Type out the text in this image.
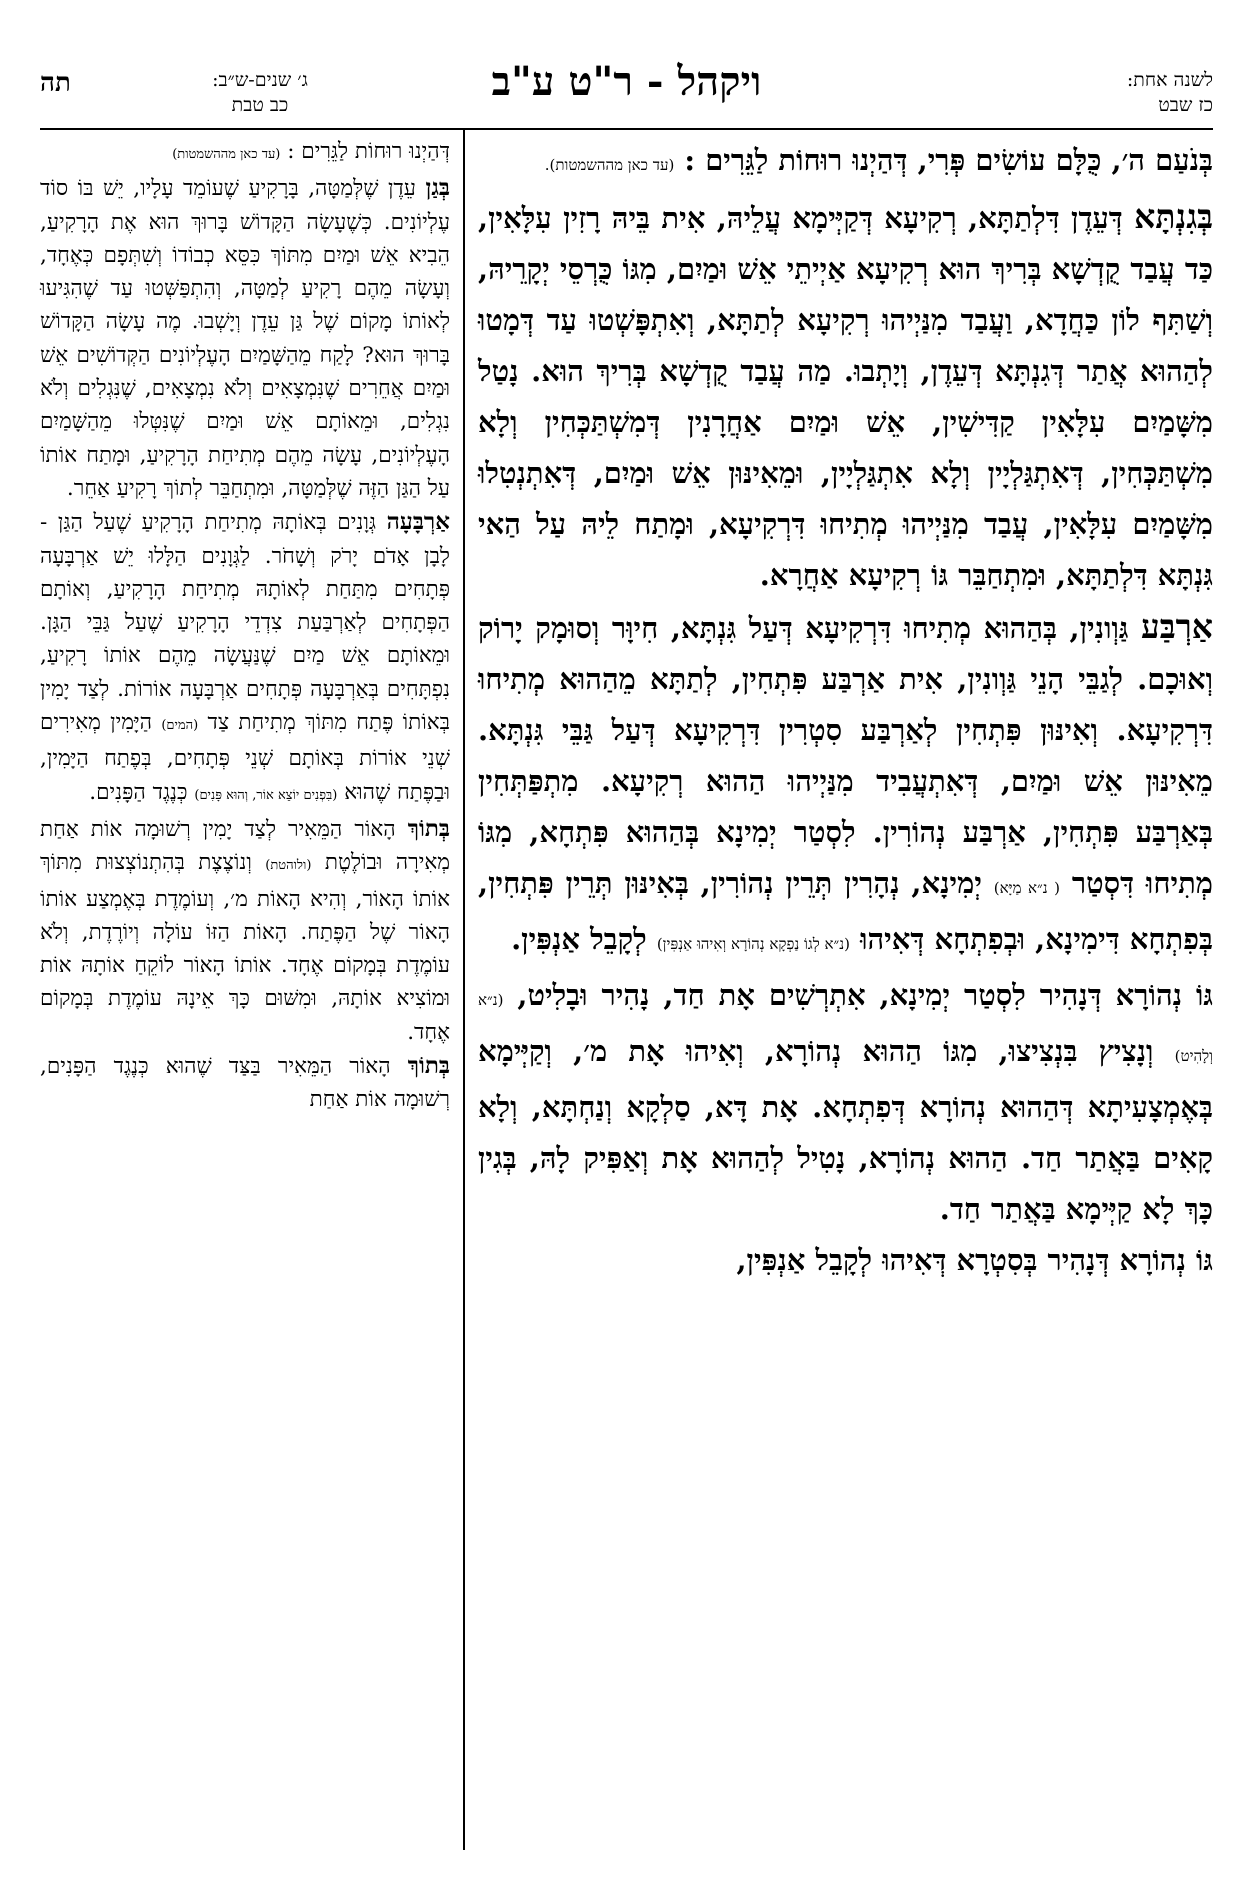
לשנה אחת:
כז שבט
ויקהל - ר"ט ע"ב
ג׳ שנים-ש״ב:
כב טבת
תה

בְּנֹעַם ה׳, כֻּלָּם עוֹשִׂים פְּרִי, דְּהַיְנוּ רוּחוֹת לַגֵּרִים : (עד כאן מההשמטות).

בְּגִנְתָּא דְּעֵדֶן דִּלְתַתָּא, רְקִיעָא דְּקַיְּימָא עֲלֵיהּ, אִית בֵּיהּ רָזִין עִלָּאִין, כַּד עֲבַד קֻדְשָׁא בְּרִיךְ הוּא רְקִיעָא אַיְיתֵי אֵשׁ וּמַיִם, מִגּוֹ כֻּרְסֵי יְקָרֵיהּ, וְשַׁתִּף לוֹן כַּחֲדָא, וַעֲבַד מִנַּיְיהוּ רְקִיעָא לְתַתָּא, וְאִתְפָּשְׁטוּ עַד דְּמָטוּ לְהַהוּא אֲתַר דְּגִנְתָּא דְּעֵדֶן, וְיָתְבוּ. מַה עֲבַד קֻדְשָׁא בְּרִיךְ הוּא. נָטַל מִשָּׁמַיִם עִלָּאִין קַדִּישִׁין, אֵשׁ וּמַיִם אַחֲרָנִין דְּמִשְׁתַּכְּחִין וְלָא מִשְׁתַּכְּחִין, דְּאִתְגַּלְיָין וְלָא אִתְגַּלְיָין, וּמֵאִינּוּן אֵשׁ וּמַיִם, דְּאִתְנְטִלוּ מִשָּׁמַיִם עִלָּאִין, עֲבַד מִנַּיְיהוּ מְתִיחוּ דִּרְקִיעָא, וּמָתַח לֵיהּ עַל הַאי גִּנְתָּא דִּלְתַתָּא, וּמִתְחַבֵּר גּוֹ רְקִיעָא אַחֲרָא.

אַרְבַּע גַּוְונִין, בְּהַהוּא מְתִיחוּ דִּרְקִיעָא דְּעַל גִּנְתָּא, חִיוָּר וְסוּמָק יָרוֹק וְאוּכָם. לְגַבֵּי הָנֵי גַּוְונִין, אִית אַרְבַּע פִּתְחִין, לְתַתָּא מֵהַהוּא מְתִיחוּ דִּרְקִיעָא. וְאִינּוּן פִּתְחִין לְאַרְבַּע סִטְרִין דִּרְקִיעָא דְּעַל גַּבֵּי גִּנְתָּא. מֵאִינּוּן אֵשׁ וּמַיִם, דְּאִתְעֲבִיד מִנַּיְיהוּ הַהוּא רְקִיעָא. מִתְפַּתְּחִין בְּאַרְבַּע פִּתְחִין, אַרְבַּע נְהוֹרִין. לִסְטַר יְמִינָא בְּהַהוּא פִּתְחָא, מִגּוֹ מְתִיחוּ דִּסְטַר ( נ״א מַיָּא) יְמִינָא, נְהָרִין תְּרֵין נְהוֹרִין, בְּאִינּוּן תְּרֵין פִּתְחִין, בְּפִתְחָא דִּימִינָא, וּבְפִתְחָא דְּאִיהוּ (נ״א לְגוֹ נַפְקָא נְהוֹרָא וְאִיהוּ אַנְפִּין) לְקָבֵל אַנְפִּין.

גּוֹ נְהוֹרָא דְּנָהִיר לִסְטַר יְמִינָא, אִתְרְשִׁים אָת חַד, נָהִיר וּבָלִיט, (נ״א וְלָהִיט) וְנָצִיץ בִּנְצִיצוּ, מִגּוֹ הַהוּא נְהוֹרָא, וְאִיהוּ אָת מ׳, וְקַיְּימָא בְּאֶמְצָעִיתָא דְּהַהוּא נְהוֹרָא דְּפִתְחָא. אָת דָּא, סַלְקָא וְנַחְתָּא, וְלָא קָאִים בַּאֲתַר חַד. הַהוּא נְהוֹרָא, נָטִיל לְהַהוּא אָת וְאַפִּיק לָהּ, בְּגִין כָּךְ לָא קַיְּימָא בַּאֲתַר חַד.

גּוֹ נְהוֹרָא דְּנָהִיר בְּסִטְרָא דְּאִיהוּ לְקָבֵל אַנְפִּין,

דְּהַיְנוּ רוּחוֹת לַגֵּרִים : (עד כאן מההשמטות)

בְּגַן עֵדֶן שֶׁלְּמַטָּה, בָּרָקִיעַ שֶׁעוֹמֵד עָלָיו, יֵשׁ בּוֹ סוֹד עֶלְיוֹנִים. כְּשֶׁעָשָׂה הַקָּדוֹשׁ בָּרוּךְ הוּא אֶת הָרָקִיעַ, הֵבִיא אֵשׁ וּמַיִם מִתּוֹךְ כִּסֵּא כְבוֹדוֹ וְשִׁתְּפָם כְּאֶחָד, וְעָשָׂה מֵהֶם רָקִיעַ לְמַטָּה, וְהִתְפַּשְּׁטוּ עַד שֶׁהִגִּיעוּ לְאוֹתוֹ מָקוֹם שֶׁל גַּן עֵדֶן וְיָשְׁבוּ. מֶה עָשָׂה הַקָּדוֹשׁ בָּרוּךְ הוּא? לָקַח מֵהַשָּׁמַיִם הָעֶלְיוֹנִים הַקְּדוֹשִׁים אֵשׁ וּמַיִם אֲחֵרִים שֶׁנִּמְצָאִים וְלֹא נִמְצָאִים, שֶׁנִּגְלִים וְלֹא נִגְלִים, וּמֵאוֹתָם אֵשׁ וּמַיִם שֶׁנִּטְּלוּ מֵהַשָּׁמַיִם הָעֶלְיוֹנִים, עָשָׂה מֵהֶם מְתִיחַת הָרָקִיעַ, וּמָתַח אוֹתוֹ עַל הַגַּן הַזֶּה שֶׁלְּמַטָּה, וּמִתְחַבֵּר לְתוֹךְ רָקִיעַ אַחֵר.

אַרְבָּעָה גְּוָנִים בְּאוֹתָהּ מְתִיחַת הָרָקִיעַ שֶׁעַל הַגַּן - לָבָן אָדֹם יָרֹק וְשָׁחֹר. לַגְּוָנִים הַלָּלוּ יֵשׁ אַרְבָּעָה פְּתָחִים מִתַּחַת לְאוֹתָהּ מְתִיחַת הָרָקִיעַ, וְאוֹתָם הַפְּתָחִים לְאַרְבַּעַת צִדְדֵי הָרָקִיעַ שֶׁעַל גַּבֵּי הַגָּן. וּמֵאוֹתָם אֵשׁ מַיִם שֶׁנַּעֲשָׂה מֵהֶם אוֹתוֹ רָקִיעַ, נִפְתָּחִים בְּאַרְבָּעָה פְּתָחִים אַרְבָּעָה אוֹרוֹת. לְצַד יָמִין בְּאוֹתוֹ פֶּתַח מִתּוֹךְ מְתִיחַת צַד (המים) הַיָּמִין מְאִירִים שְׁנֵי אוֹרוֹת בְּאוֹתָם שְׁנֵי פְּתָחִים, בְּפֶתַח הַיָּמִין, וּבַפֶּתַח שֶׁהוּא (בִּפְנִים יוֹצֵא אוֹר, וְהוּא פָּנִים) כְּנֶגֶד הַפָּנִים.

בְּתוֹךְ הָאוֹר הַמֵּאִיר לְצַד יָמִין רְשׁוּמָה אוֹת אַחַת מְאִירָה וּבוֹלֶטֶת (ולוהטת) וְנוֹצֶצֶת בְּהִתְנוֹצְצוּת מִתּוֹךְ אוֹתוֹ הָאוֹר, וְהִיא הָאוֹת מ׳, וְעוֹמֶדֶת בְּאֶמְצַע אוֹתוֹ הָאוֹר שֶׁל הַפֶּתַח. הָאוֹת הַזּוֹ עוֹלָה וְיוֹרֶדֶת, וְלֹא עוֹמֶדֶת בְּמָקוֹם אֶחָד. אוֹתוֹ הָאוֹר לוֹקֵחַ אוֹתָהּ אוֹת וּמוֹצִיא אוֹתָהּ, וּמִשּׁוּם כָּךְ אֵינָהּ עוֹמֶדֶת בְּמָקוֹם אֶחָד.

בְּתוֹךְ הָאוֹר הַמֵּאִיר בַּצַּד שֶׁהוּא כְּנֶגֶד הַפָּנִים, רְשׁוּמָה אוֹת אַחַת
